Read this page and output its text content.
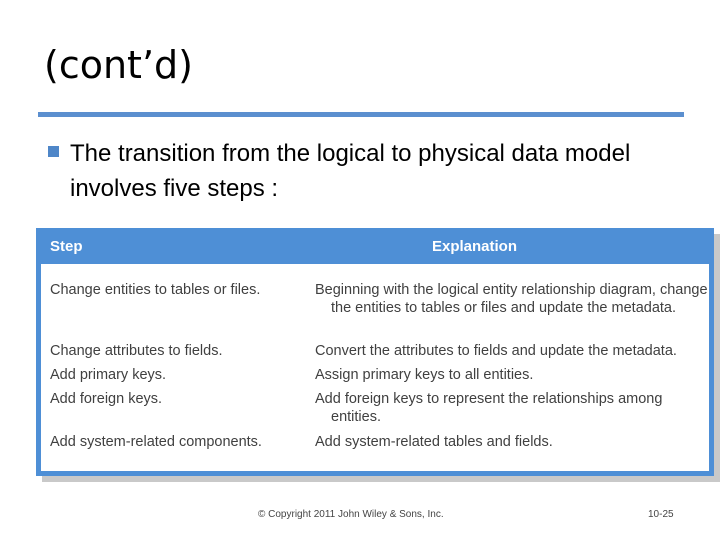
(cont’d)
The transition from the logical to physical data model involves five steps :
Step	Explanation
Change entities to tables or files.	Beginning with the logical entity relationship diagram, change the entities to tables or files and update the metadata.
Change attributes to fields.	Convert the attributes to fields and update the metadata.
Add primary keys.	Assign primary keys to all entities.
Add foreign keys.	Add foreign keys to represent the relationships among entities.
Add system-related components.	Add system-related tables and fields.
© Copyright 2011 John Wiley & Sons, Inc.	10-25
